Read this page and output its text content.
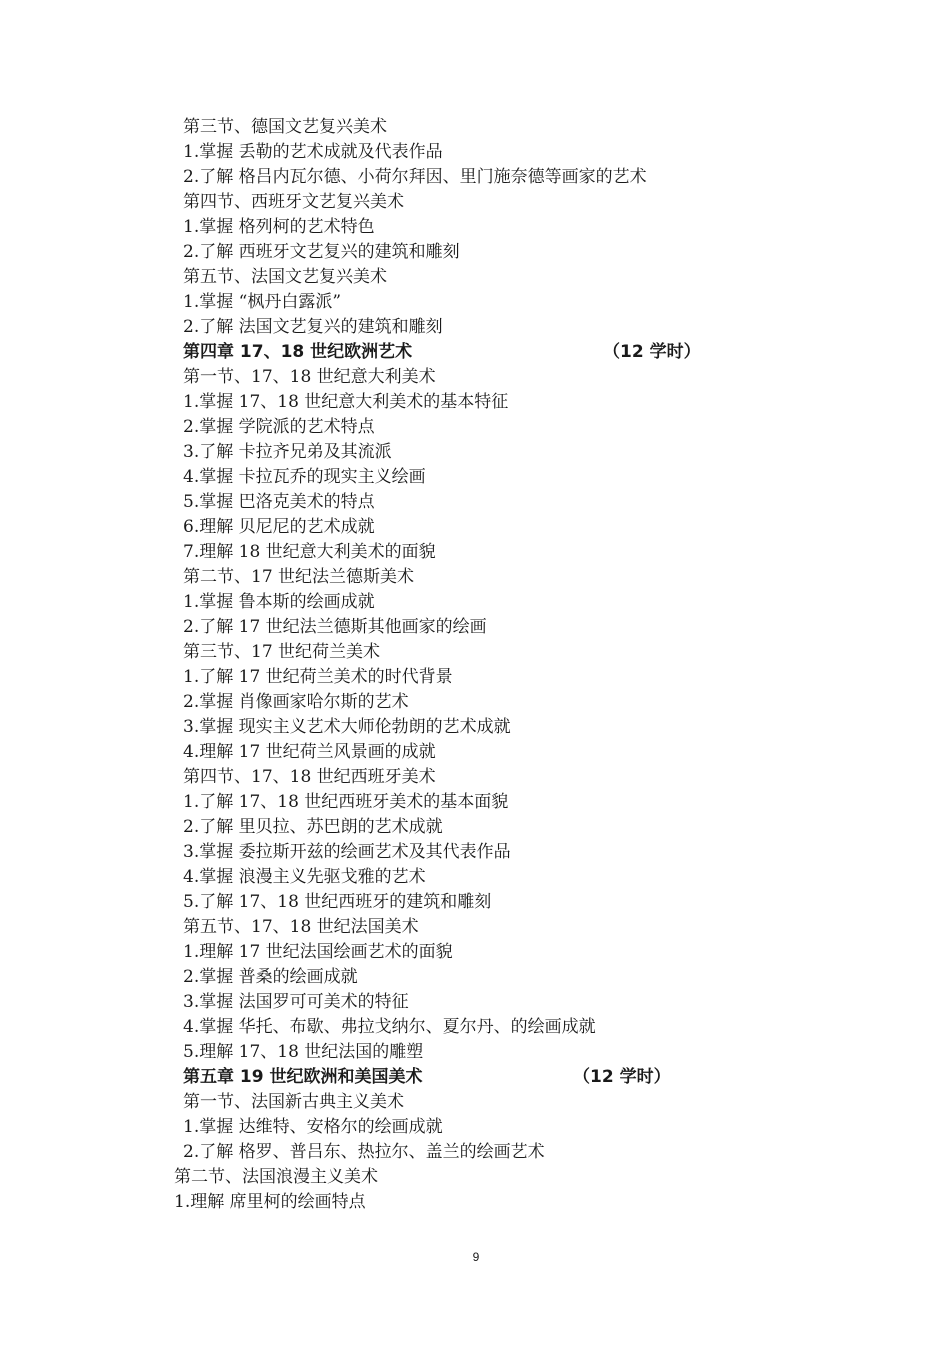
第三节、德国文艺复兴美术
1.掌握 丢勒的艺术成就及代表作品
2.了解 格吕内瓦尔德、小荷尔拜因、里门施奈德等画家的艺术
第四节、西班牙文艺复兴美术
1.掌握 格列柯的艺术特色
2.了解 西班牙文艺复兴的建筑和雕刻
第五节、法国文艺复兴美术
1.掌握 “枫丹白露派”
2.了解 法国文艺复兴的建筑和雕刻
第四章 17、18 世纪欧洲艺术	（12 学时）
第一节、17、18 世纪意大利美术
1.掌握 17、18 世纪意大利美术的基本特征
2.掌握 学院派的艺术特点
3.了解 卡拉齐兄弟及其流派
4.掌握 卡拉瓦乔的现实主义绘画
5.掌握 巴洛克美术的特点
6.理解 贝尼尼的艺术成就
7.理解 18 世纪意大利美术的面貌
第二节、17 世纪法兰德斯美术
1.掌握 鲁本斯的绘画成就
2.了解 17 世纪法兰德斯其他画家的绘画
第三节、17 世纪荷兰美术
1.了解 17 世纪荷兰美术的时代背景
2.掌握 肖像画家哈尔斯的艺术
3.掌握 现实主义艺术大师伦勃朗的艺术成就
4.理解 17 世纪荷兰风景画的成就
第四节、17、18 世纪西班牙美术
1.了解 17、18 世纪西班牙美术的基本面貌
2.了解 里贝拉、苏巴朗的艺术成就
3.掌握 委拉斯开兹的绘画艺术及其代表作品
4.掌握 浪漫主义先驱戈雅的艺术
5.了解 17、18 世纪西班牙的建筑和雕刻
第五节、17、18 世纪法国美术
1.理解 17 世纪法国绘画艺术的面貌
2.掌握 普桑的绘画成就
3.掌握 法国罗可可美术的特征
4.掌握 华托、布歇、弗拉戈纳尔、夏尔丹、的绘画成就
5.理解 17、18 世纪法国的雕塑
第五章 19 世纪欧洲和美国美术	（12 学时）
第一节、法国新古典主义美术
1.掌握 达维特、安格尔的绘画成就
2.了解 格罗、普吕东、热拉尔、盖兰的绘画艺术
第二节、法国浪漫主义美术
1.理解 席里柯的绘画特点
9
